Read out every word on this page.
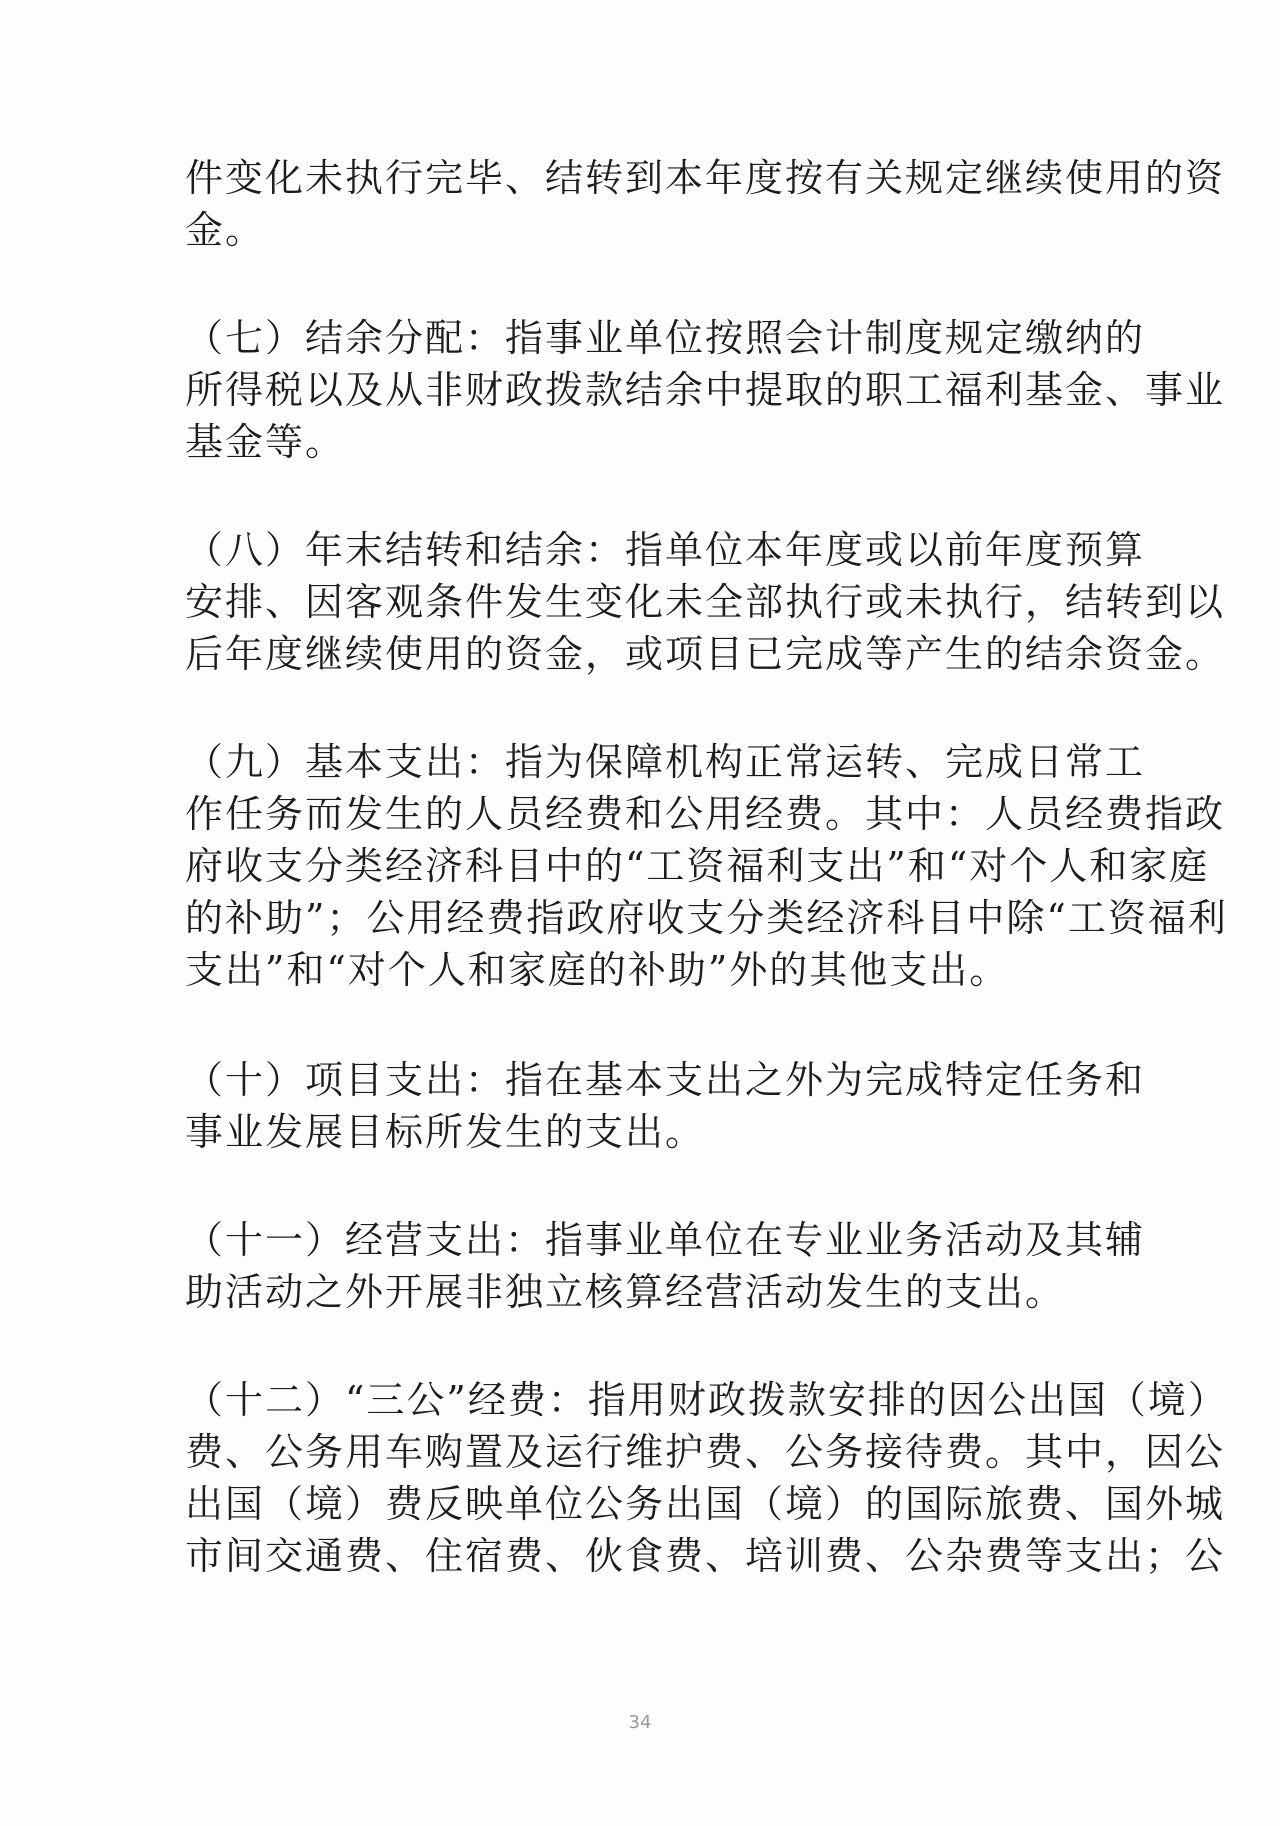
件变化未执行完毕、结转到本年度按有关规定继续使用的资
金。
（七）结余分配：指事业单位按照会计制度规定缴纳的
所得税以及从非财政拨款结余中提取的职工福利基金、事业
基金等。
（八）年末结转和结余：指单位本年度或以前年度预算
安排、因客观条件发生变化未全部执行或未执行，结转到以
后年度继续使用的资金，或项目已完成等产生的结余资金。
（九）基本支出：指为保障机构正常运转、完成日常工
作任务而发生的人员经费和公用经费。其中：人员经费指政
府收支分类经济科目中的“工资福利支出”和“对个人和家庭
的补助”；公用经费指政府收支分类经济科目中除“工资福利
支出”和“对个人和家庭的补助”外的其他支出。
（十）项目支出：指在基本支出之外为完成特定任务和
事业发展目标所发生的支出。
（十一）经营支出：指事业单位在专业业务活动及其辅
助活动之外开展非独立核算经营活动发生的支出。
（十二）“三公”经费：指用财政拨款安排的因公出国（境）
费、公务用车购置及运行维护费、公务接待费。其中，因公
出国（境）费反映单位公务出国（境）的国际旅费、国外城
市间交通费、住宿费、伙食费、培训费、公杂费等支出；公
34
